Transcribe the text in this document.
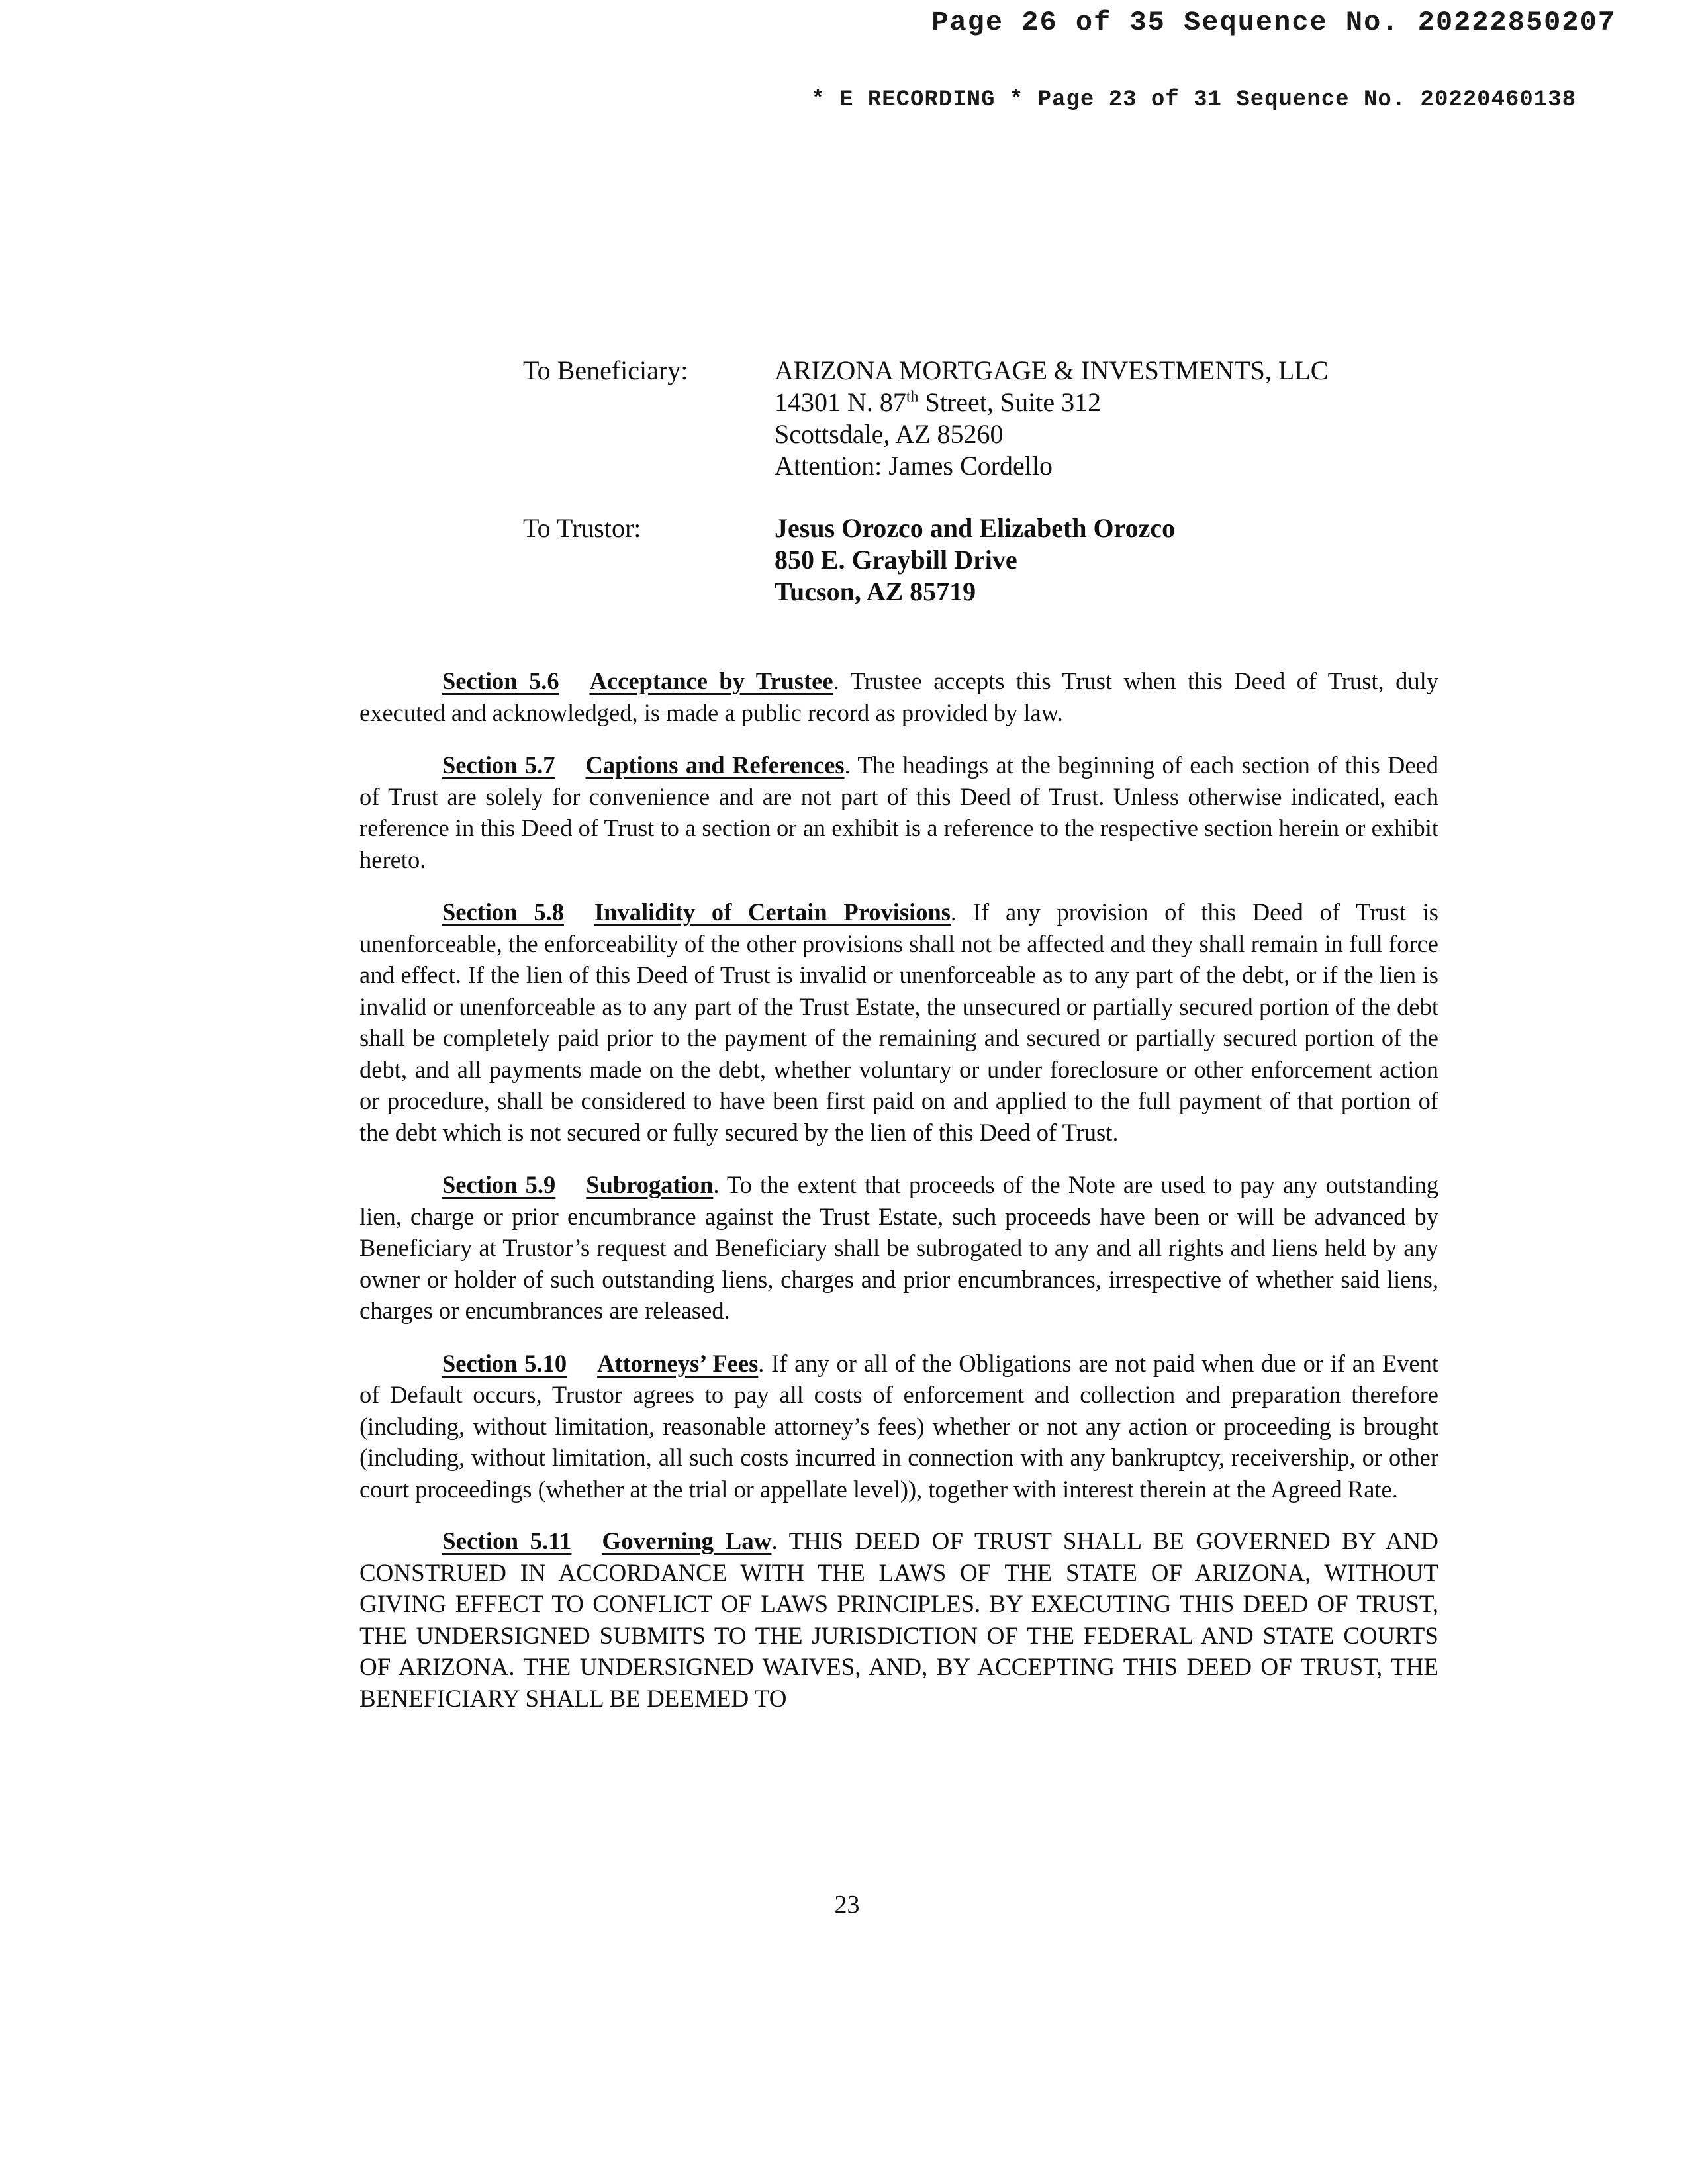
Page 26 of 35 Sequence No. 20222850207
* E RECORDING * Page 23 of 31 Sequence No. 20220460138
To Beneficiary:	ARIZONA MORTGAGE & INVESTMENTS, LLC
14301 N. 87th Street, Suite 312
Scottsdale, AZ 85260
Attention: James Cordello
To Trustor:	Jesus Orozco and Elizabeth Orozco
850 E. Graybill Drive
Tucson, AZ 85719

Section 5.6 Acceptance by Trustee. Trustee accepts this Trust when this Deed of Trust, duly executed and acknowledged, is made a public record as provided by law.

Section 5.7 Captions and References. The headings at the beginning of each section of this Deed of Trust are solely for convenience and are not part of this Deed of Trust. Unless otherwise indicated, each reference in this Deed of Trust to a section or an exhibit is a reference to the respective section herein or exhibit hereto.

Section 5.8 Invalidity of Certain Provisions. If any provision of this Deed of Trust is unenforceable, the enforceability of the other provisions shall not be affected and they shall remain in full force and effect. If the lien of this Deed of Trust is invalid or unenforceable as to any part of the debt, or if the lien is invalid or unenforceable as to any part of the Trust Estate, the unsecured or partially secured portion of the debt shall be completely paid prior to the payment of the remaining and secured or partially secured portion of the debt, and all payments made on the debt, whether voluntary or under foreclosure or other enforcement action or procedure, shall be considered to have been first paid on and applied to the full payment of that portion of the debt which is not secured or fully secured by the lien of this Deed of Trust.

Section 5.9 Subrogation. To the extent that proceeds of the Note are used to pay any outstanding lien, charge or prior encumbrance against the Trust Estate, such proceeds have been or will be advanced by Beneficiary at Trustor’s request and Beneficiary shall be subrogated to any and all rights and liens held by any owner or holder of such outstanding liens, charges and prior encumbrances, irrespective of whether said liens, charges or encumbrances are released.

Section 5.10 Attorneys’ Fees. If any or all of the Obligations are not paid when due or if an Event of Default occurs, Trustor agrees to pay all costs of enforcement and collection and preparation therefore (including, without limitation, reasonable attorney’s fees) whether or not any action or proceeding is brought (including, without limitation, all such costs incurred in connection with any bankruptcy, receivership, or other court proceedings (whether at the trial or appellate level)), together with interest therein at the Agreed Rate.

Section 5.11 Governing Law. THIS DEED OF TRUST SHALL BE GOVERNED BY AND CONSTRUED IN ACCORDANCE WITH THE LAWS OF THE STATE OF ARIZONA, WITHOUT GIVING EFFECT TO CONFLICT OF LAWS PRINCIPLES. BY EXECUTING THIS DEED OF TRUST, THE UNDERSIGNED SUBMITS TO THE JURISDICTION OF THE FEDERAL AND STATE COURTS OF ARIZONA. THE UNDERSIGNED WAIVES, AND, BY ACCEPTING THIS DEED OF TRUST, THE BENEFICIARY SHALL BE DEEMED TO

23
